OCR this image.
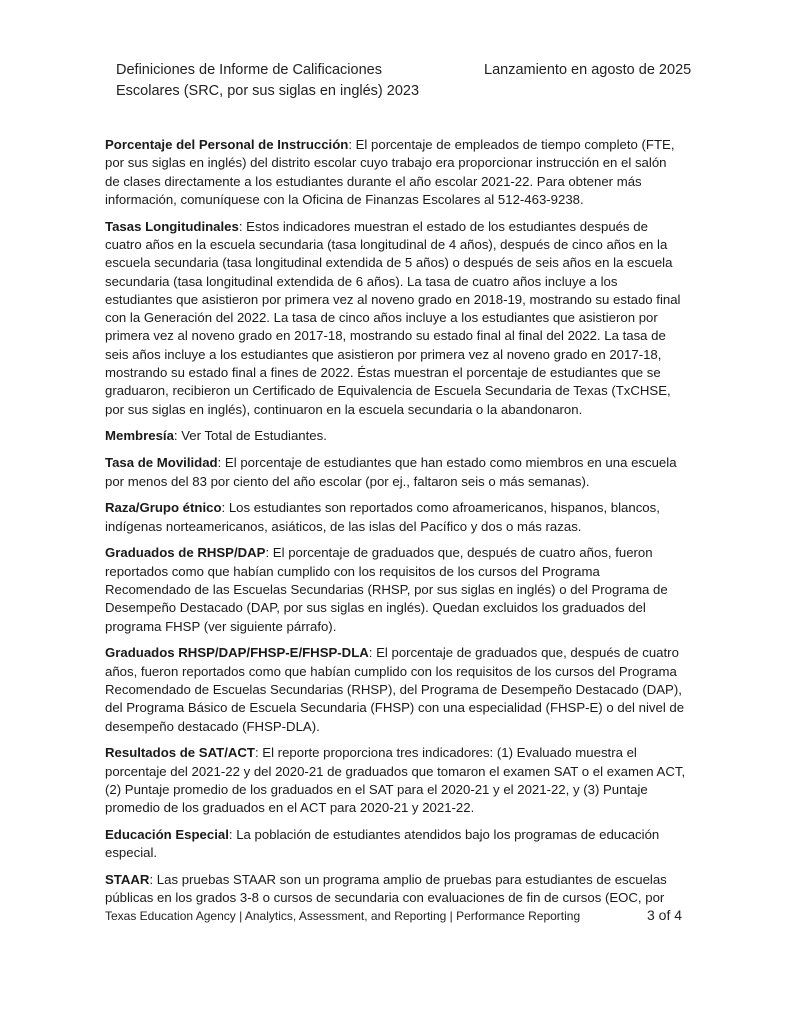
Definiciones de Informe de Calificaciones
Escolares (SRC, por sus siglas en inglés) 2023
Lanzamiento en agosto de 2025
Porcentaje del Personal de Instrucción: El porcentaje de empleados de tiempo completo (FTE,
por sus siglas en inglés) del distrito escolar cuyo trabajo era proporcionar instrucción en el salón
de clases directamente a los estudiantes durante el año escolar 2021-22. Para obtener más
información, comuníquese con la Oficina de Finanzas Escolares al 512-463-9238.
Tasas Longitudinales: Estos indicadores muestran el estado de los estudiantes después de
cuatro años en la escuela secundaria (tasa longitudinal de 4 años), después de cinco años en la
escuela secundaria (tasa longitudinal extendida de 5 años) o después de seis años en la escuela
secundaria (tasa longitudinal extendida de 6 años). La tasa de cuatro años incluye a los
estudiantes que asistieron por primera vez al noveno grado en 2018-19, mostrando su estado final
con la Generación del 2022. La tasa de cinco años incluye a los estudiantes que asistieron por
primera vez al noveno grado en 2017-18, mostrando su estado final al final del 2022. La tasa de
seis años incluye a los estudiantes que asistieron por primera vez al noveno grado en 2017-18,
mostrando su estado final a fines de 2022. Éstas muestran el porcentaje de estudiantes que se
graduaron, recibieron un Certificado de Equivalencia de Escuela Secundaria de Texas (TxCHSE,
por sus siglas en inglés), continuaron en la escuela secundaria o la abandonaron.
Membresía: Ver Total de Estudiantes.
Tasa de Movilidad: El porcentaje de estudiantes que han estado como miembros en una escuela
por menos del 83 por ciento del año escolar (por ej., faltaron seis o más semanas).
Raza/Grupo étnico: Los estudiantes son reportados como afroamericanos, hispanos, blancos,
indígenas norteamericanos, asiáticos, de las islas del Pacífico y dos o más razas.
Graduados de RHSP/DAP: El porcentaje de graduados que, después de cuatro años, fueron
reportados como que habían cumplido con los requisitos de los cursos del Programa
Recomendado de las Escuelas Secundarias (RHSP, por sus siglas en inglés) o del Programa de
Desempeño Destacado (DAP, por sus siglas en inglés). Quedan excluidos los graduados del
programa FHSP (ver siguiente párrafo).
Graduados RHSP/DAP/FHSP-E/FHSP-DLA: El porcentaje de graduados que, después de cuatro
años, fueron reportados como que habían cumplido con los requisitos de los cursos del Programa
Recomendado de Escuelas Secundarias (RHSP), del Programa de Desempeño Destacado (DAP),
del Programa Básico de Escuela Secundaria (FHSP) con una especialidad (FHSP-E) o del nivel de
desempeño destacado (FHSP-DLA).
Resultados de SAT/ACT: El reporte proporciona tres indicadores: (1) Evaluado muestra el
porcentaje del 2021-22 y del 2020-21 de graduados que tomaron el examen SAT o el examen ACT,
(2) Puntaje promedio de los graduados en el SAT para el 2020-21 y el 2021-22, y (3) Puntaje
promedio de los graduados en el ACT para 2020-21 y 2021-22.
Educación Especial: La población de estudiantes atendidos bajo los programas de educación
especial.
STAAR: Las pruebas STAAR son un programa amplio de pruebas para estudiantes de escuelas
públicas en los grados 3-8 o cursos de secundaria con evaluaciones de fin de cursos (EOC, por
Texas Education Agency | Analytics, Assessment, and Reporting | Performance Reporting	3 of 4
